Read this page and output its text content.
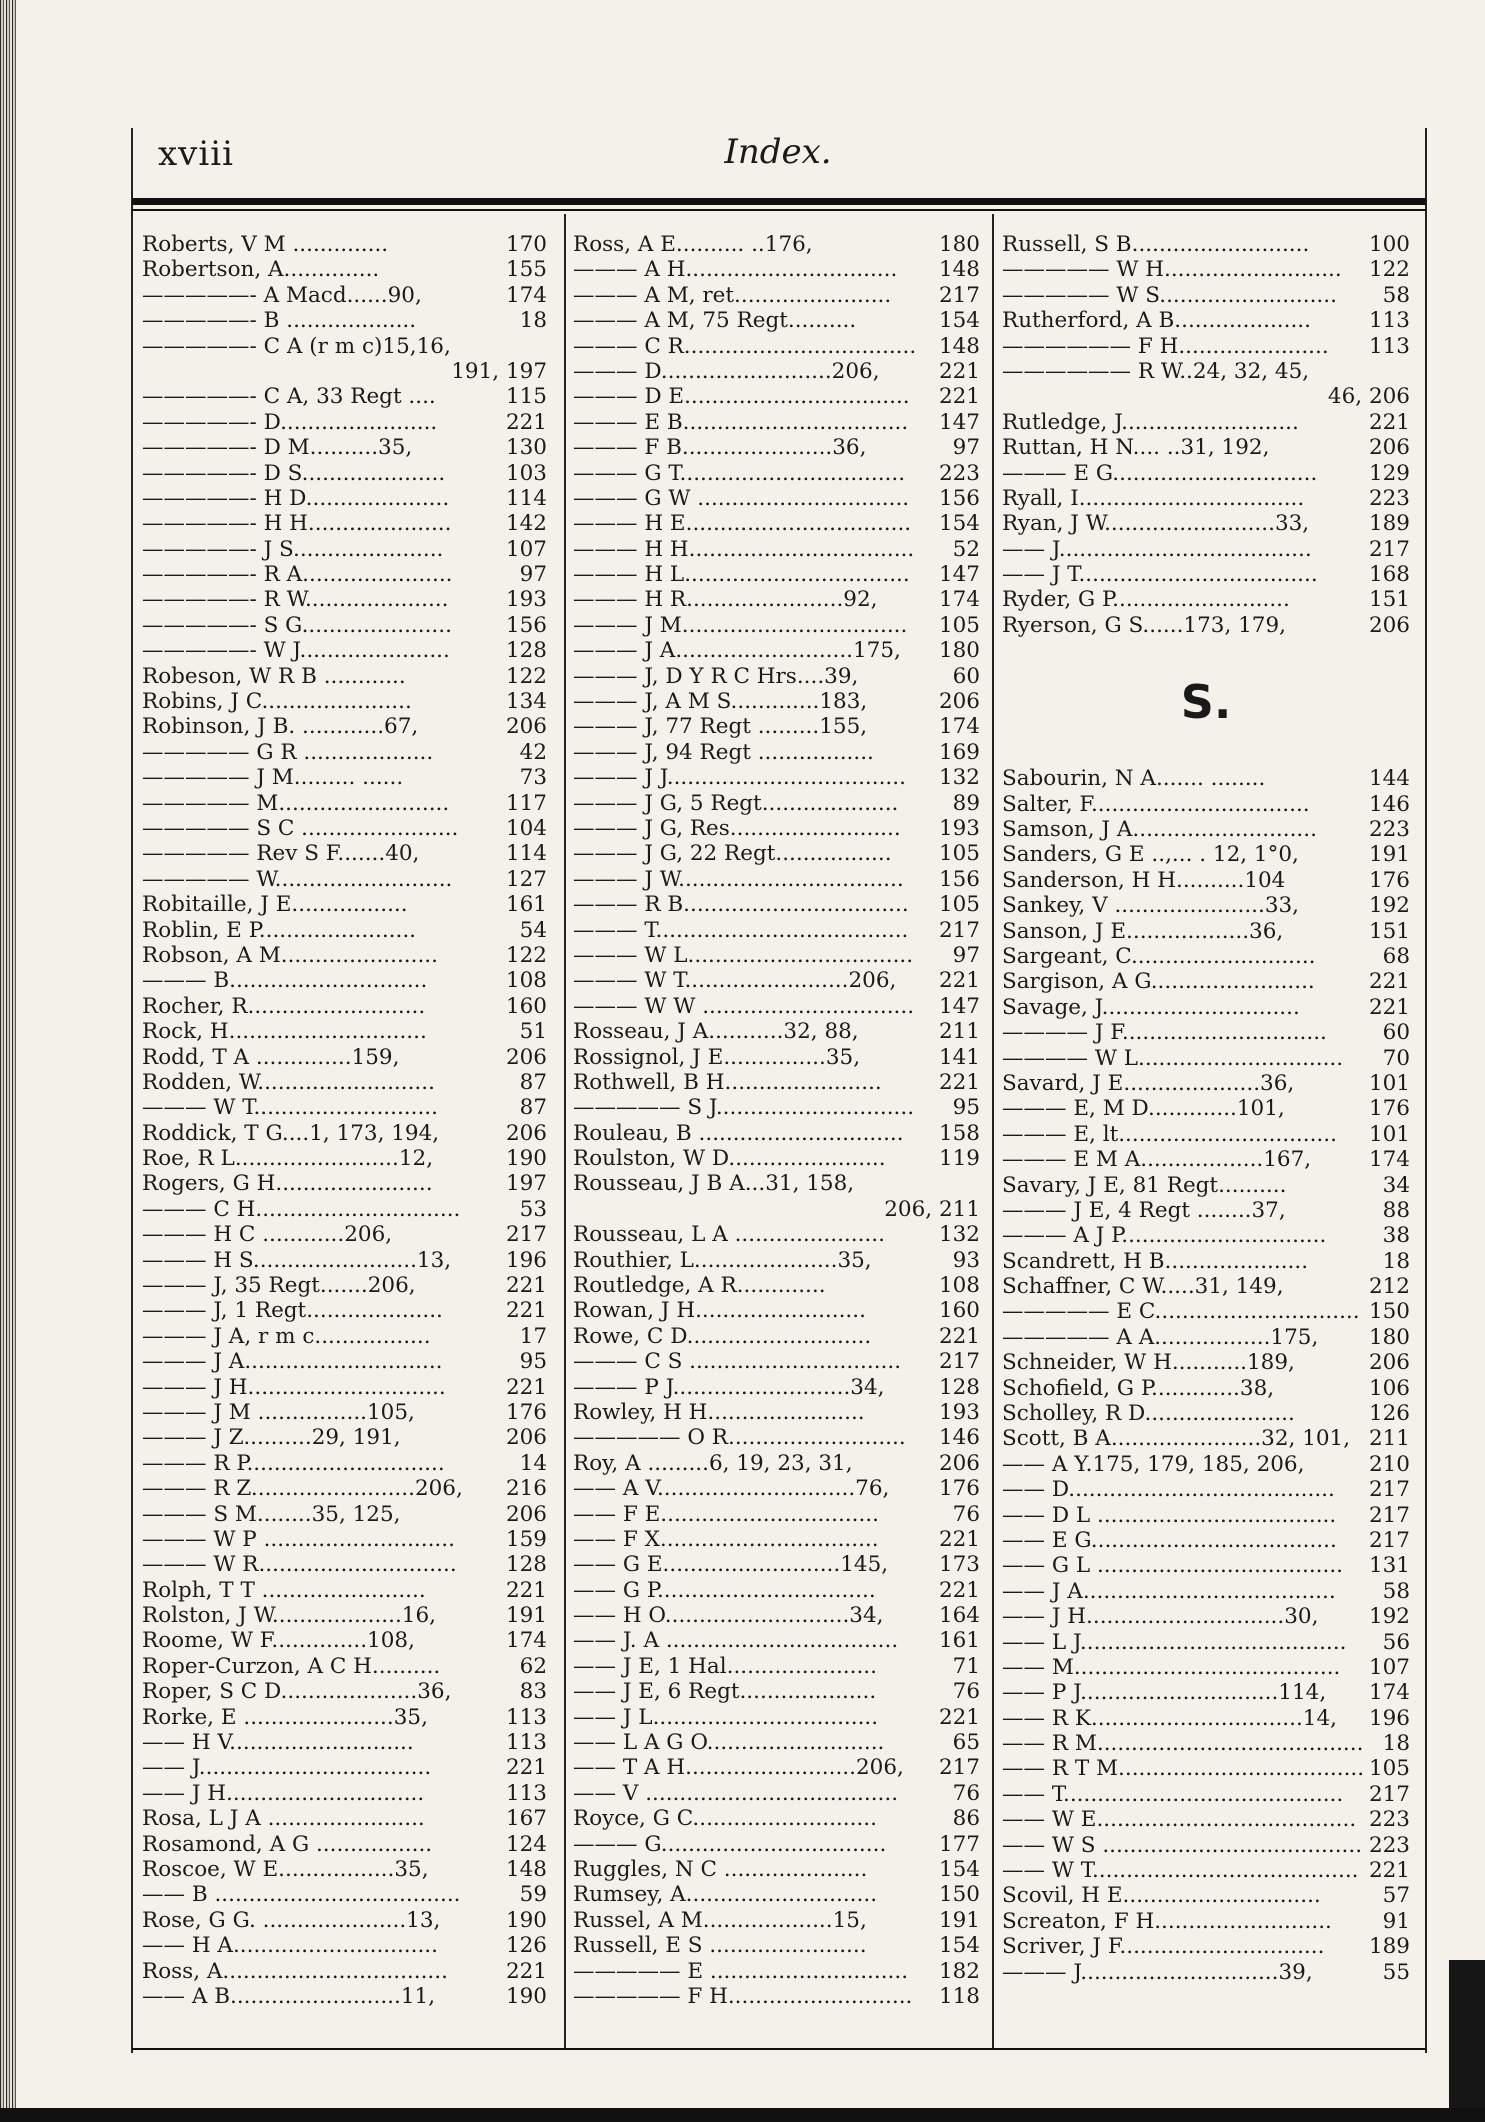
xviii	Index.
Roberts, V M ..............	170
Robertson, A..............	155
—————- A Macd......90,	174
—————- B ...................	18
—————- C A (r m c)15,16,
191, 197
—————- C A, 33 Regt ....	115
—————- D.......................	221
—————- D M..........35,	130
—————- D S.....................	103
—————- H D.....................	114
—————- H H.....................	142
—————- J S......................	107
—————- R A......................	97
—————- R W.....................	193
—————- S G......................	156
—————- W J......................	128
Robeson, W R B ............	122
Robins, J C......................	134
Robinson, J B. ............67,	206
————— G R ...................	42
————— J M......... ......	73
————— M.........................	117
————— S C .......................	104
————— Rev S F.......40,	114
————— W..........................	127
Robitaille, J E.................	161
Roblin, E P.......................	54
Robson, A M.......................	122
——— B.............................	108
Rocher, R..........................	160
Rock, H.............................	51
Rodd, T A ..............159,	206
Rodden, W..........................	87
——— W T...........................	87
Roddick, T G....1, 173, 194,	206
Roe, R L........................12,	190
Rogers, G H.......................	197
——— C H..............................	53
——— H C ............206,	217
——— H S........................13,	196
——— J, 35 Regt.......206,	221
——— J, 1 Regt....................	221
——— J A, r m c.................	17
——— J A.............................	95
——— J H.............................	221
——— J M ................105,	176
——— J Z..........29, 191,	206
——— R P.............................	14
——— R Z........................206,	216
——— S M........35, 125,	206
——— W P ............................	159
——— W R.............................	128
Rolph, T T ........................	221
Rolston, J W...................16,	191
Roome, W F..............108,	174
Roper-Curzon, A C H..........	62
Roper, S C D....................36,	83
Rorke, E ......................35,	113
—— H V...........................	113
—— J..................................	221
—— J H.............................	113
Rosa, L J A .......................	167
Rosamond, A G .................	124
Roscoe, W E.................35,	148
—— B ....................................	59
Rose, G G. .....................13,	190
—— H A..............................	126
Ross, A.................................	221
—— A B.........................11,	190
Ross, A E.......... ..176,	180
——— A H...............................	148
——— A M, ret.......................	217
——— A M, 75 Regt..........	154
——— C R..................................	148
——— D.........................206,	221
——— D E.................................	221
——— E B.................................	147
——— F B......................36,	97
——— G T.................................	223
——— G W ...............................	156
——— H E.................................	154
——— H H.................................	52
——— H L.................................	147
——— H R.......................92,	174
——— J M.................................	105
——— J A..........................175,	180
——— J, D Y R C Hrs....39,	60
——— J, A M S.............183,	206
——— J, 77 Regt .........155,	174
——— J, 94 Regt .................	169
——— J J...................................	132
——— J G, 5 Regt....................	89
——— J G, Res.........................	193
——— J G, 22 Regt.................	105
——— J W.................................	156
——— R B.................................	105
——— T.....................................	217
——— W L.................................	97
——— W T........................206,	221
——— W W ...............................	147
Rosseau, J A...........32, 88,	211
Rossignol, J E...............35,	141
Rothwell, B H.......................	221
————— S J.............................	95
Rouleau, B ..............................	158
Roulston, W D.......................	119
Rousseau, J B A...31, 158,
206, 211
Rousseau, L A ......................	132
Routhier, L.....................35,	93
Routledge, A R.............	108
Rowan, J H.........................	160
Rowe, C D...........................	221
——— C S ...............................	217
——— P J..........................34,	128
Rowley, H H.......................	193
————— O R..........................	146
Roy, A .........6, 19, 23, 31,	206
—— A V.............................76,	176
—— F E................................	76
—— F X................................	221
—— G E..........................145,	173
—— G P................................	221
—— H O...........................34,	164
—— J. A ..................................	161
—— J E, 1 Hal......................	71
—— J E, 6 Regt....................	76
—— J L.................................	221
—— L A G O..........................	65
—— T A H.........................206,	217
—— V .....................................	76
Royce, G C...........................	86
——— G.................................	177
Ruggles, N C .....................	154
Rumsey, A............................	150
Russel, A M...................15,	191
Russell, E S .......................	154
————— E .............................	182
————— F H...........................	118
Russell, S B..........................	100
————— W H..........................	122
————— W S..........................	58
Rutherford, A B....................	113
—————— F H......................	113
—————— R W..24, 32, 45,
46, 206
Rutledge, J..........................	221
Ruttan, H N.... ..31, 192,	206
——— E G..............................	129
Ryall, I.................................	223
Ryan, J W.........................33,	189
—— J.....................................	217
—— J T...................................	168
Ryder, G P..........................	151
Ryerson, G S......173, 179,	206
S.
Sabourin, N A....... ........	144
Salter, F................................	146
Samson, J A...........................	223
Sanders, G E ..,... . 12, 1°0,	191
Sanderson, H H..........104	176
Sankey, V ......................33,	192
Sanson, J E..................36,	151
Sargeant, C...........................	68
Sargison, A G........................	221
Savage, J.............................	221
———— J F..............................	60
———— W L..............................	70
Savard, J E....................36,	101
——— E, M D.............101,	176
——— E, lt................................	101
——— E M A..................167,	174
Savary, J E, 81 Regt..........	34
——— J E, 4 Regt ........37,	88
——— A J P..............................	38
Scandrett, H B.....................	18
Schaffner, C W.....31, 149,	212
————— E C.............................. 150
————— A A.................175,	180
Schneider, W H...........189,	206
Schofield, G P.............38,	106
Scholley, R D......................	126
Scott, B A......................32, 101, 211
—— A Y.175, 179, 185, 206,	210
—— D.......................................	217
—— D L ...................................	217
—— E G....................................	217
—— G L ....................................	131
—— J A.....................................	58
—— J H.............................30,	192
—— L J.......................................	56
—— M.......................................	107
—— P J.............................114,	174
—— R K...............................14,	196
—— R M....................................... 18
—— R T M.................................... 105
—— T.........................................	217
—— W E...................................... 223
—— W S ...................................... 223
—— W T....................................... 221
Scovil, H E.............................	57
Screaton, F H..........................	91
Scriver, J F..............................	189
——— J.............................39,	55
